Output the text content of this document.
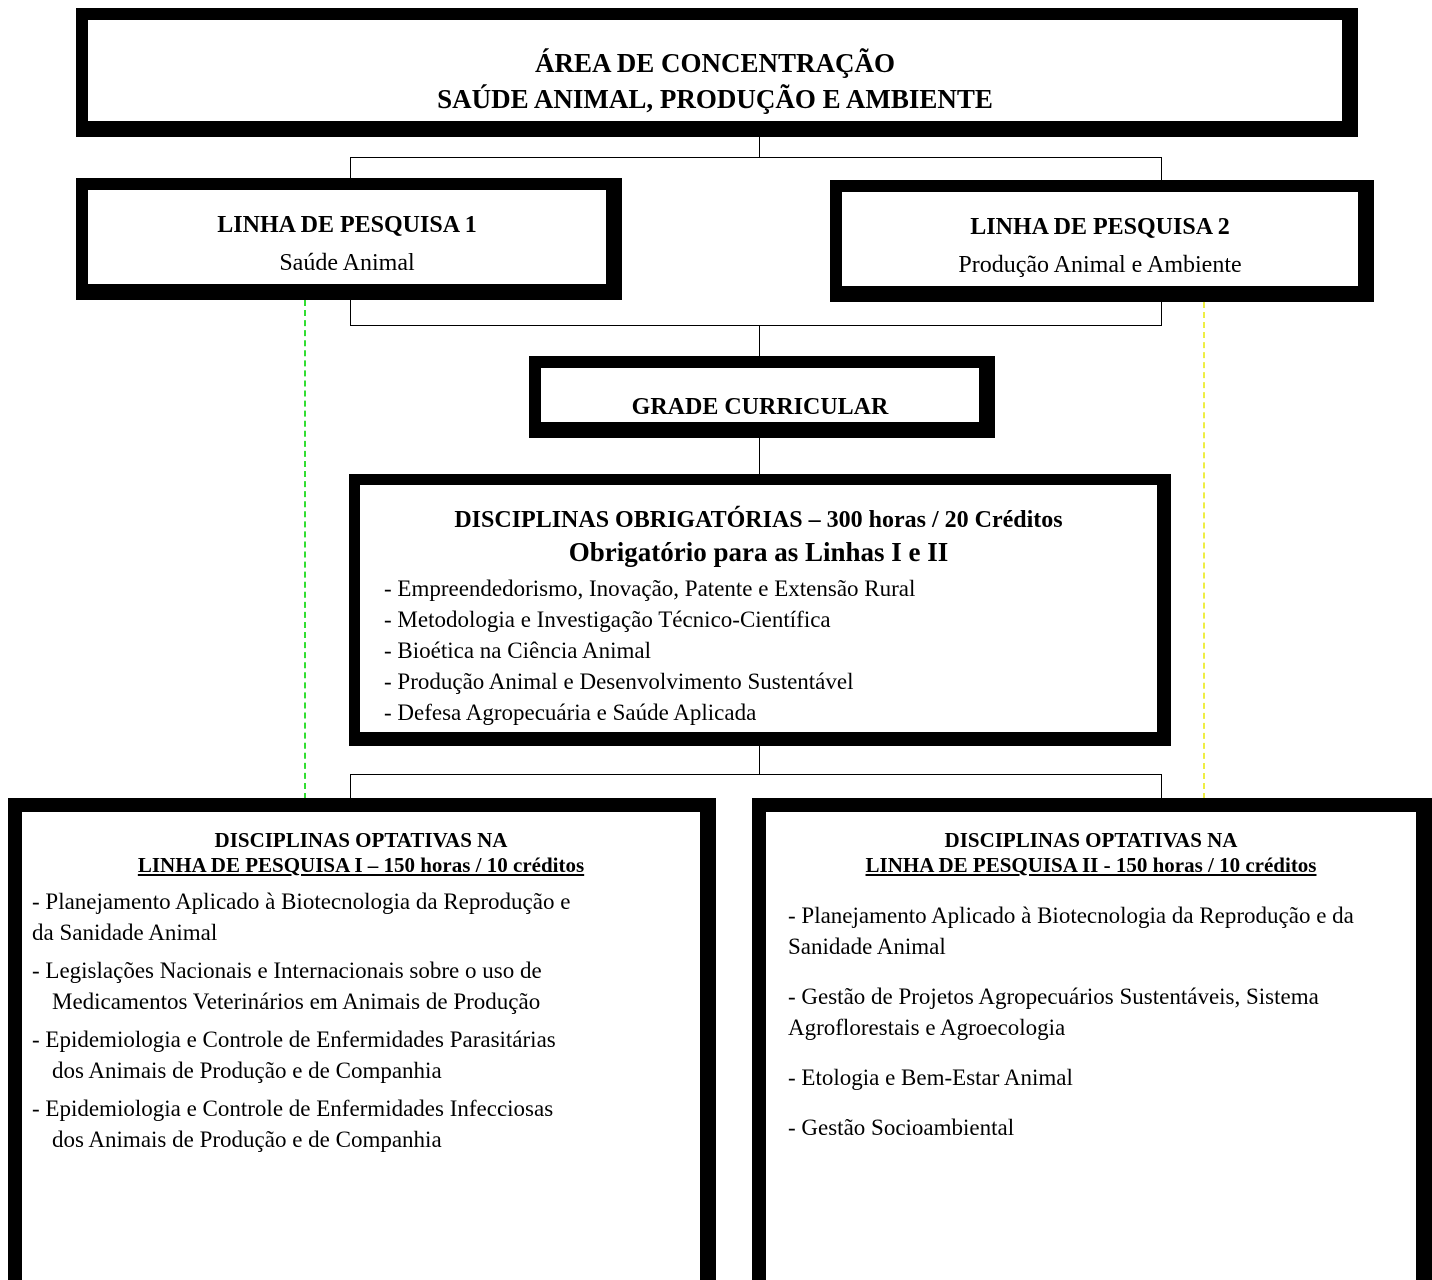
ÁREA DE CONCENTRAÇÃO
SAÚDE ANIMAL, PRODUÇÃO E AMBIENTE
LINHA DE PESQUISA 1
Saúde Animal
LINHA DE PESQUISA 2
Produção Animal e Ambiente
GRADE CURRICULAR
DISCIPLINAS OBRIGATÓRIAS – 300 horas / 20 Créditos
Obrigatório para as Linhas I e II
- Empreendedorismo, Inovação, Patente e Extensão Rural
- Metodologia e Investigação Técnico-Científica
- Bioética na Ciência Animal
- Produção Animal e Desenvolvimento Sustentável
- Defesa Agropecuária e Saúde Aplicada
DISCIPLINAS OPTATIVAS NA
LINHA DE PESQUISA I – 150 horas / 10 créditos
- Planejamento Aplicado à Biotecnologia da Reprodução e
da Sanidade Animal
- Legislações Nacionais e Internacionais sobre o uso de
Medicamentos Veterinários em Animais de Produção
- Epidemiologia e Controle de Enfermidades Parasitárias
dos Animais de Produção e de Companhia
- Epidemiologia e Controle de Enfermidades Infecciosas
dos Animais de Produção e de Companhia
DISCIPLINAS OPTATIVAS NA
LINHA DE PESQUISA II - 150 horas / 10 créditos
- Planejamento Aplicado à Biotecnologia da Reprodução e da Sanidade Animal
- Gestão de Projetos Agropecuários Sustentáveis, Sistema Agroflorestais e Agroecologia
- Etologia e Bem-Estar Animal
- Gestão Socioambiental
